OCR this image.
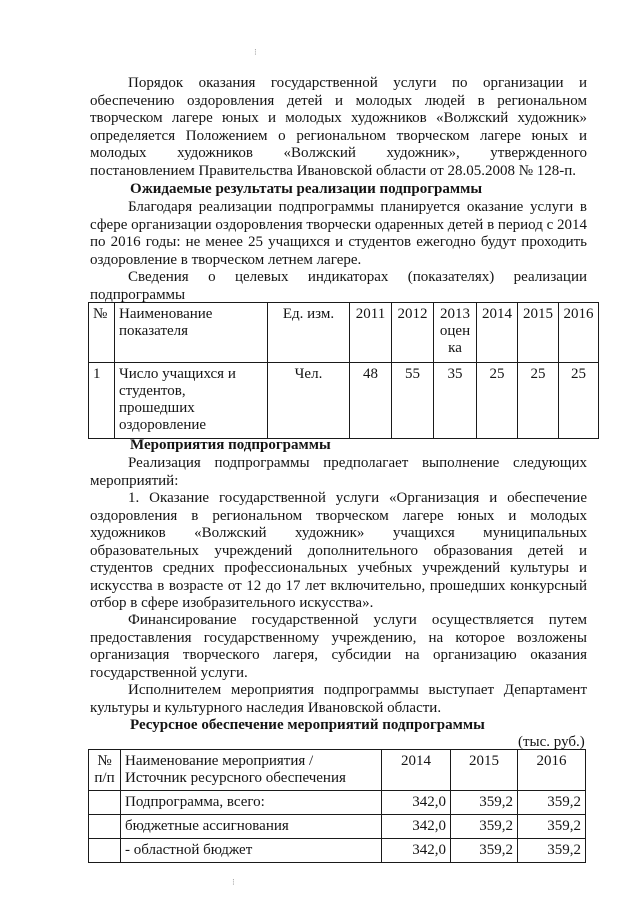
⁝

Порядок оказания государственной услуги по организации и обеспечению оздоровления детей и молодых людей в региональном творческом лагере юных и молодых художников «Волжский художник» определяется Положением о региональном творческом лагере юных и молодых художников «Волжский художник», утвержденного постановлением Правительства Ивановской области от 28.05.2008 № 128-п.

Ожидаемые результаты реализации подпрограммы

Благодаря реализации подпрограммы планируется оказание услуги в сфере организации оздоровления творчески одаренных детей в период с 2014 по 2016 годы: не менее 25 учащихся и студентов ежегодно будут проходить оздоровление в творческом летнем лагере.

Сведения о целевых индикаторах (показателях) реализации подпрограммы

№	Наименование показателя	Ед. изм.	2011	2012	2013 оцен ка	2014	2015	2016
1	Число учащихся и студентов, прошедших оздоровление	Чел.	48	55	35	25	25	25

Мероприятия подпрограммы

Реализация подпрограммы предполагает выполнение следующих мероприятий:

1. Оказание государственной услуги «Организация и обеспечение оздоровления в региональном творческом лагере юных и молодых художников «Волжский художник» учащихся муниципальных образовательных учреждений дополнительного образования детей и студентов средних профессиональных учебных учреждений культуры и искусства в возрасте от 12 до 17 лет включительно, прошедших конкурсный отбор в сфере изобразительного искусства».

Финансирование государственной услуги осуществляется путем предоставления государственному учреждению, на которое возложены организация творческого лагеря, субсидии на организацию оказания государственной услуги.

Исполнителем мероприятия подпрограммы выступает Департамент культуры и культурного наследия Ивановской области.

Ресурсное обеспечение мероприятий подпрограммы

(тыс. руб.)

№ п/п	Наименование мероприятия / Источник ресурсного обеспечения	2014	2015	2016
	Подпрограмма, всего:	342,0	359,2	359,2
	бюджетные ассигнования	342,0	359,2	359,2
	- областной бюджет	342,0	359,2	359,2
⁝
